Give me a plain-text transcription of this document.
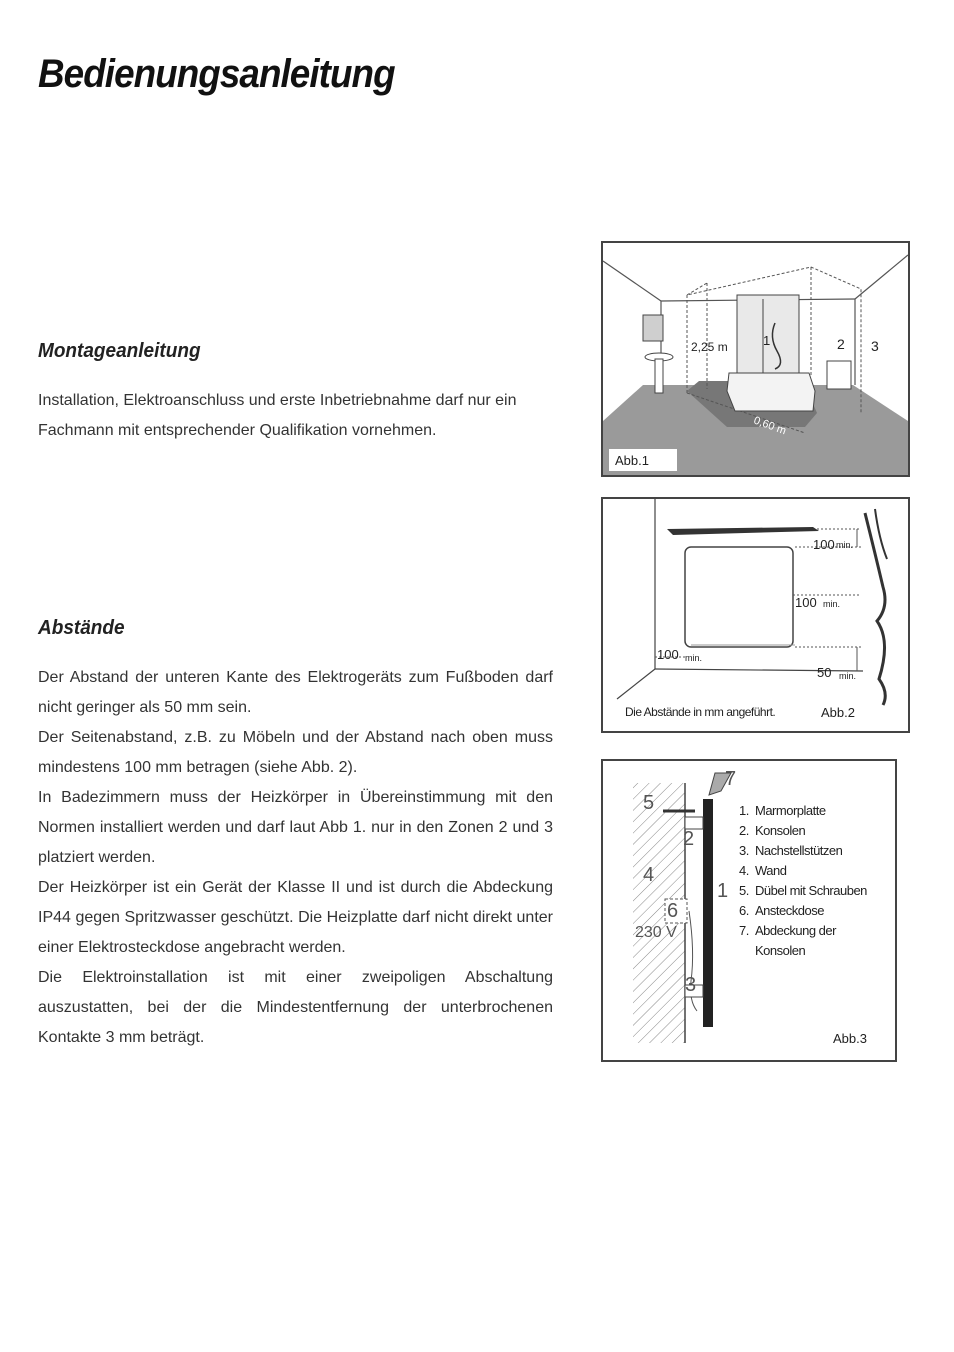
Bedienungsanleitung
Montageanleitung

Installation, Elektroanschluss und erste Inbetriebnahme darf nur ein Fachmann mit entsprechender Qualifikation vornehmen.

Abstände

Der Abstand der unteren Kante des Elektrogeräts zum Fußboden darf nicht geringer als 50 mm sein.

Der Seitenabstand, z.B. zu Möbeln und der Abstand nach oben muss mindestens 100 mm betragen (siehe Abb. 2).

In Badezimmern muss der Heizkörper in Übereinstimmung mit den Normen installiert werden und darf laut Abb 1. nur in den Zonen 2 und 3 platziert werden.

Der Heizkörper ist ein Gerät der Klasse II und ist durch die Abdeckung IP44 gegen Spritzwasser geschützt. Die Heizplatte darf nicht direkt unter einer Elektrosteckdose angebracht werden.

Die Elektroinstallation ist mit einer zweipoligen Abschaltung auszustatten, bei der die Mindestentfernung der unterbrochenen Kontakte 3 mm beträgt.

2,25 m
0,60 m
1	2 3
Abb.1
100 min.
100 min.
100 min.
50 min.
Die Abstände in mm angeführt.	Abb.2
5
7
2
4
1
6
230 V
3
1. Marmorplatte
2. Konsolen
3. Nachstellstützen
4. Wand
5. Dübel mit Schrauben
6. Ansteckdose
7. Abdeckung der
Konsolen
Abb.3
